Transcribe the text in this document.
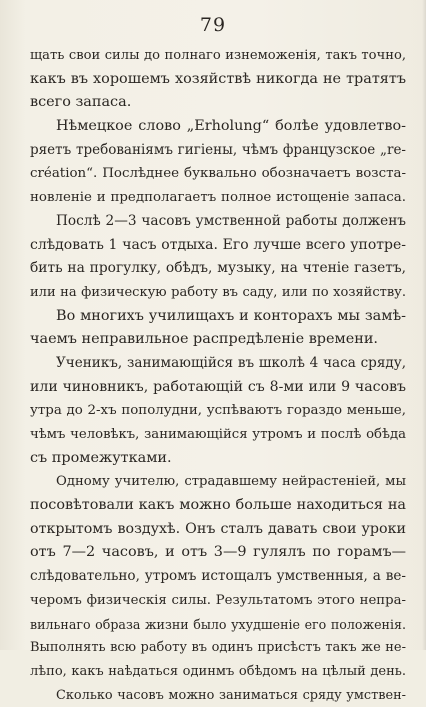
79
щать свои силы до полнаго изнеможенія, такъ точно,
какъ въ хорошемъ хозяйствѣ никогда не тратятъ
всего запаса.
Нѣмецкое слово „Erholung“ болѣе удовлетво-
ряетъ требованіямъ гигіены, чѣмъ французское „re-
création“. Послѣднее буквально обозначаетъ возста-
новленіе и предполагаетъ полное истощеніе запаса.
Послѣ 2—3 часовъ умственной работы долженъ
слѣдовать 1 часъ отдыха. Его лучше всего употре-
бить на прогулку, обѣдъ, музыку, на чтеніе газетъ,
или на физическую работу въ саду, или по хозяйству.
Во многихъ училищахъ и конторахъ мы замѣ-
чаемъ неправильное распредѣленіе времени.
Ученикъ, занимающійся въ школѣ 4 часа сряду,
или чиновникъ, работающій съ 8-ми или 9 часовъ
утра до 2-хъ пополудни, успѣваютъ гораздо меньше,
чѣмъ человѣкъ, занимающійся утромъ и послѣ обѣда
съ промежутками.
Одному учителю, страдавшему нейрастеніей, мы
посовѣтовали какъ можно больше находиться на
открытомъ воздухѣ. Онъ сталъ давать свои уроки
отъ 7—2 часовъ, и отъ 3—9 гулялъ по горамъ—
слѣдовательно, утромъ истощалъ умственныя, а ве-
черомъ физическія силы. Результатомъ этого непра-
вильнаго образа жизни было ухудшеніе его положенія.
Выполнять всю работу въ одинъ присѣстъ такъ же не-
лѣпо, какъ наѣдаться одинмъ обѣдомъ на цѣлый день.
Сколько часовъ можно заниматься сряду умствен-
